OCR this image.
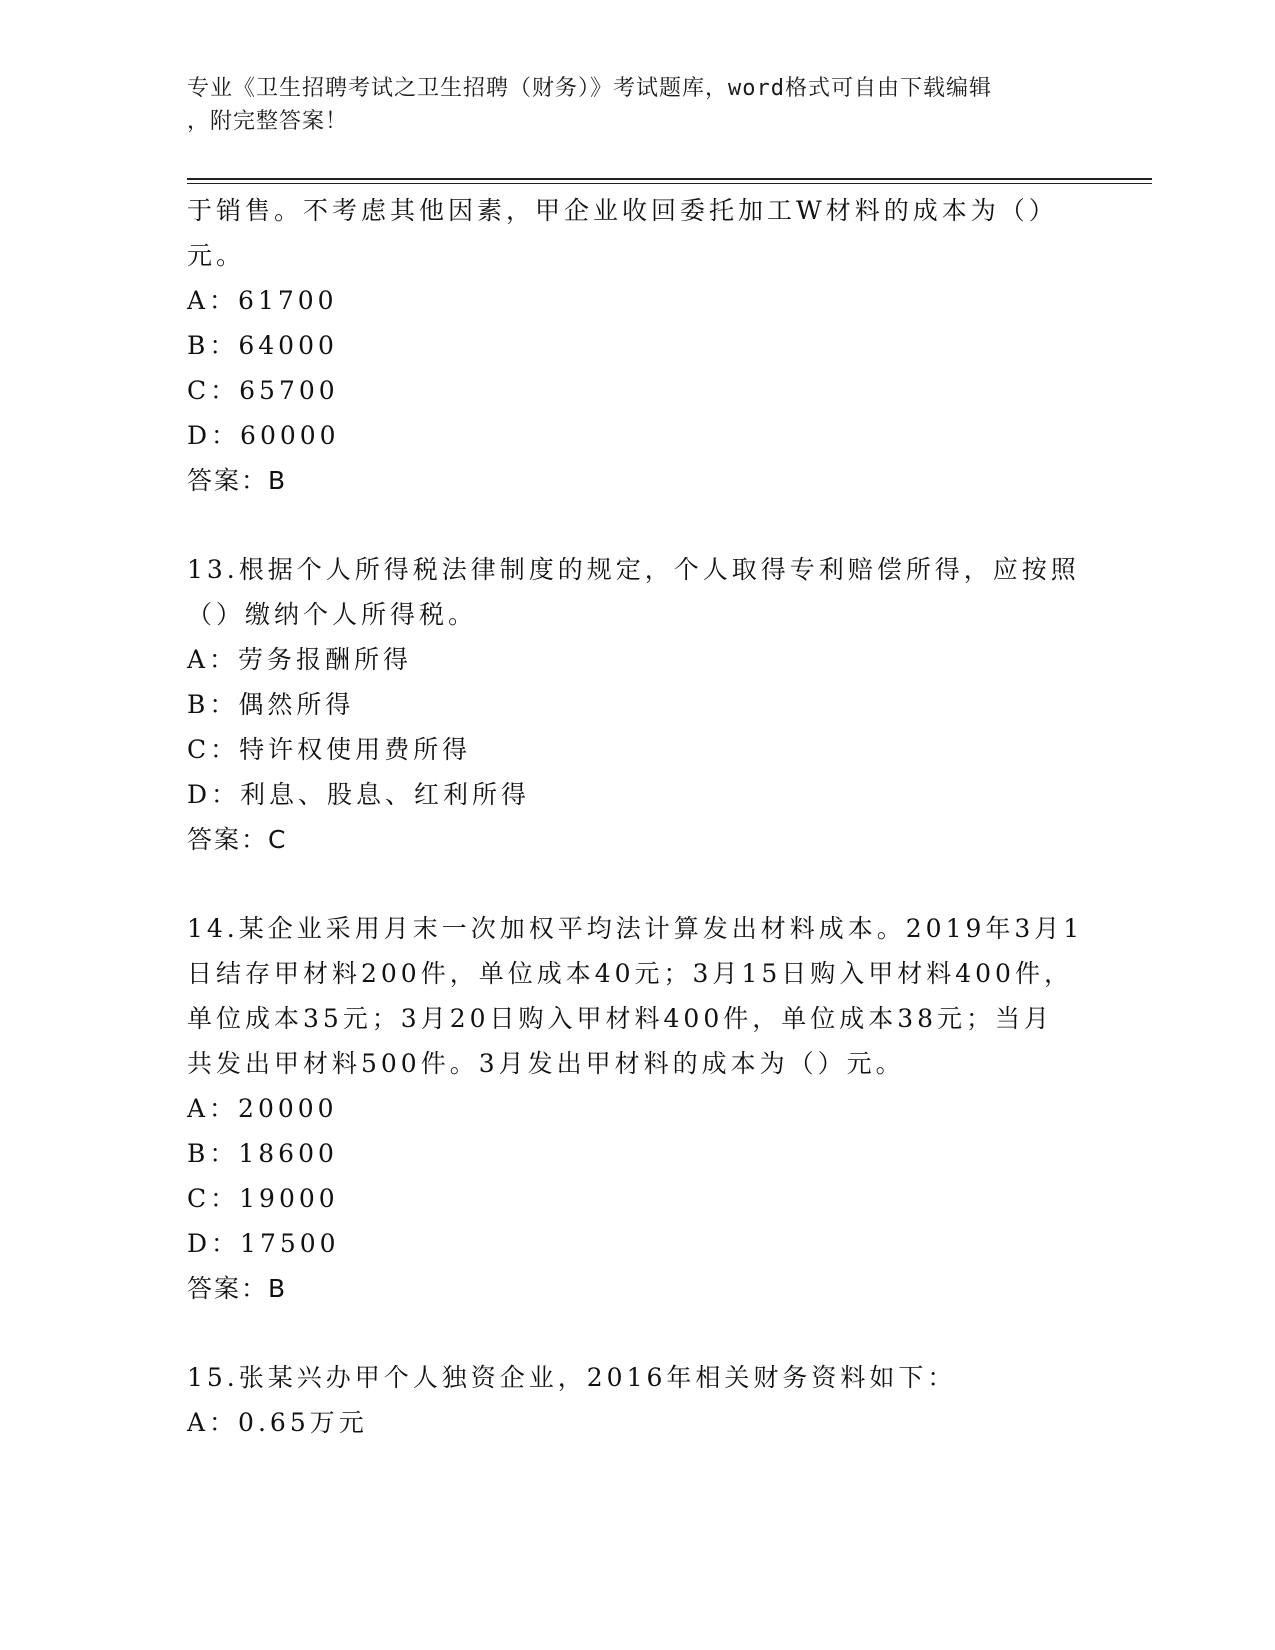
专业《卫生招聘考试之卫生招聘（财务）》考试题库，word格式可自由下载编辑
，附完整答案！
于销售。不考虑其他因素，甲企业收回委托加工W材料的成本为（）
元。
A：61700
B：64000
C：65700
D：60000
答案：B
13.根据个人所得税法律制度的规定，个人取得专利赔偿所得，应按照
（）缴纳个人所得税。
A：劳务报酬所得
B：偶然所得
C：特许权使用费所得
D：利息、股息、红利所得
答案：C
14.某企业采用月末一次加权平均法计算发出材料成本。2019年3月1
日结存甲材料200件，单位成本40元；3月15日购入甲材料400件，
单位成本35元；3月20日购入甲材料400件，单位成本38元；当月
共发出甲材料500件。3月发出甲材料的成本为（）元。
A：20000
B：18600
C：19000
D：17500
答案：B
15.张某兴办甲个人独资企业，2016年相关财务资料如下：
A：0.65万元
